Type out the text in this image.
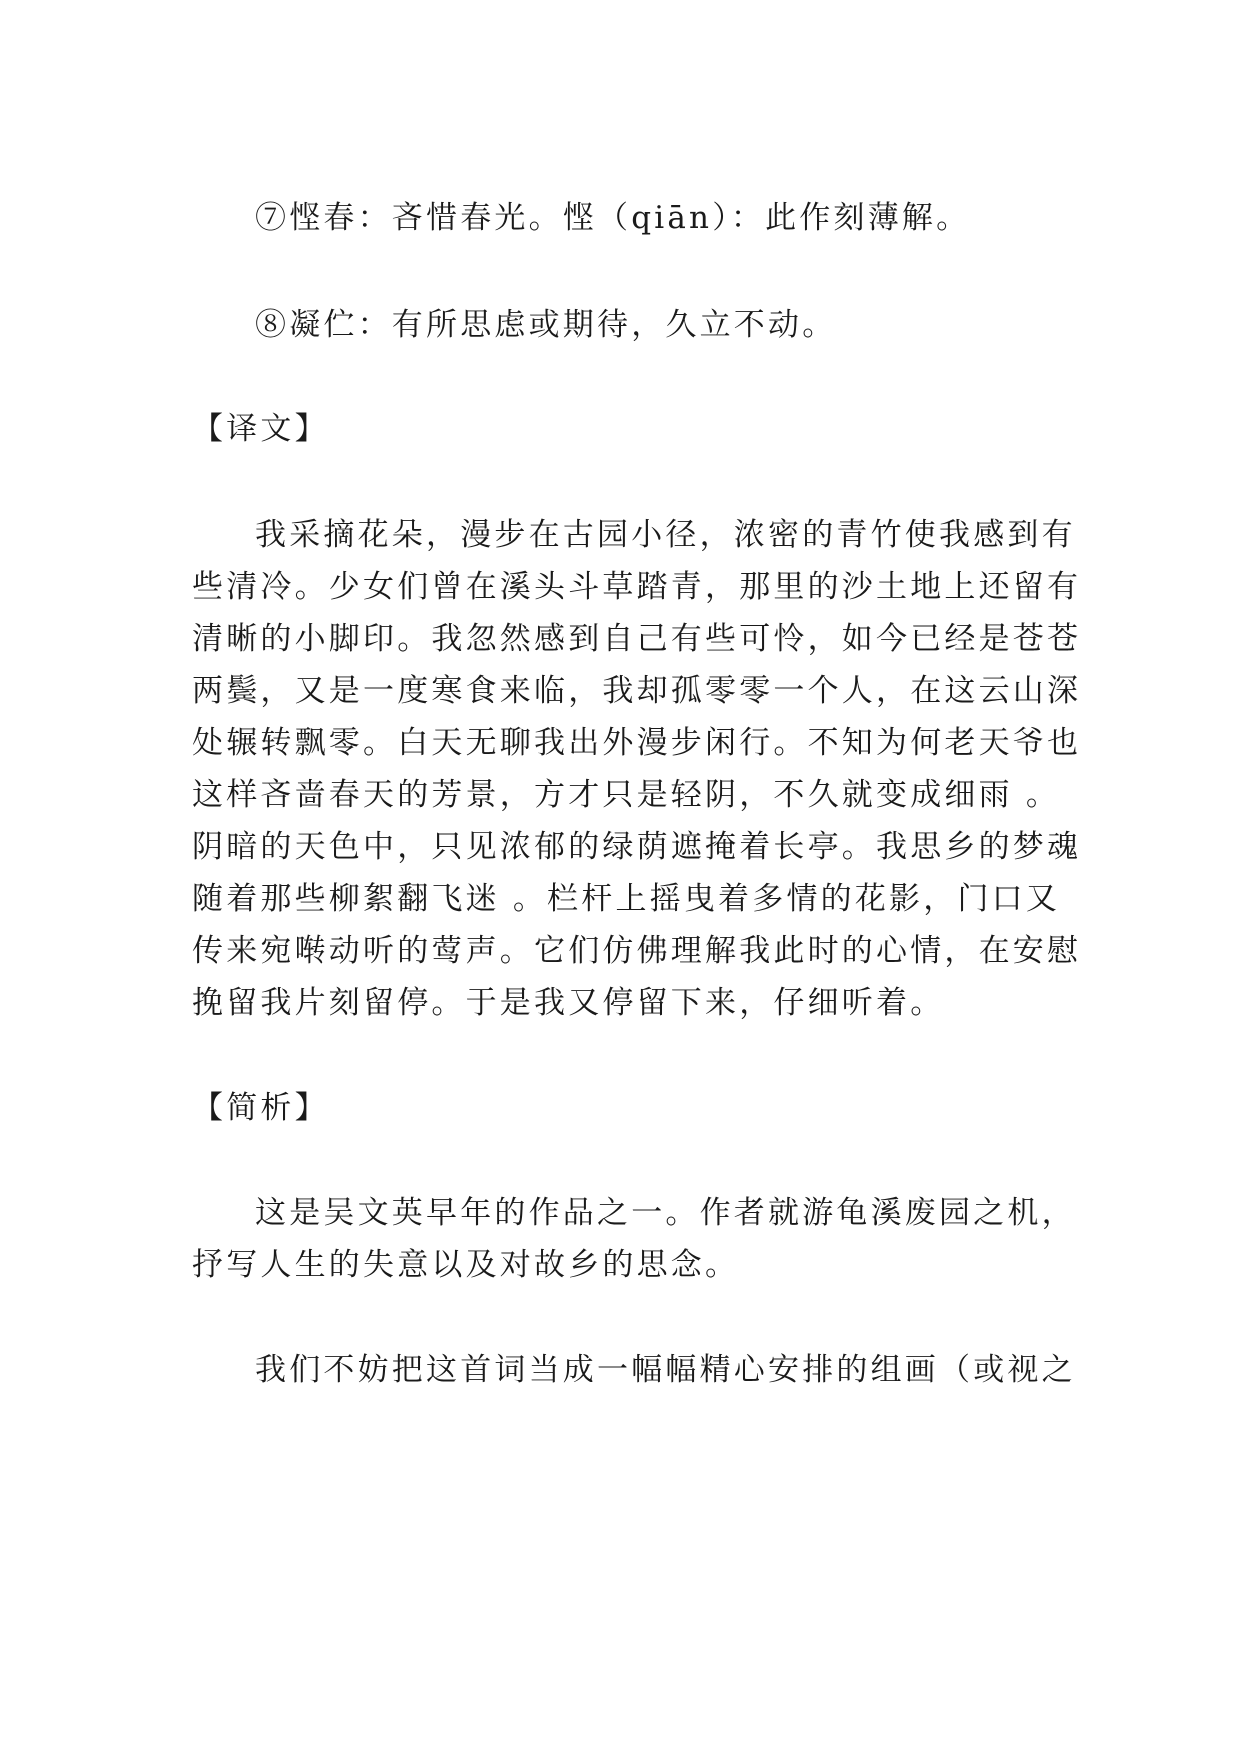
⑦悭春：吝惜春光。悭（qiān）：此作刻薄解。
⑧凝伫：有所思虑或期待，久立不动。
【译文】
我采摘花朵，漫步在古园小径，浓密的青竹使我感到有
些清冷。少女们曾在溪头斗草踏青，那里的沙土地上还留有
清晰的小脚印。我忽然感到自己有些可怜，如今已经是苍苍
两鬓，又是一度寒食来临，我却孤零零一个人，在这云山深
处辗转飘零。白天无聊我出外漫步闲行。不知为何老天爷也
这样吝啬春天的芳景，方才只是轻阴，不久就变成细雨 。
阴暗的天色中，只见浓郁的绿荫遮掩着长亭。我思乡的梦魂
随着那些柳絮翻飞迷 。栏杆上摇曳着多情的花影，门口又
传来宛啭动听的莺声。它们仿佛理解我此时的心情，在安慰
挽留我片刻留停。于是我又停留下来，仔细听着。
【简析】
这是吴文英早年的作品之一。作者就游龟溪废园之机，
抒写人生的失意以及对故乡的思念。
我们不妨把这首词当成一幅幅精心安排的组画（或视之
